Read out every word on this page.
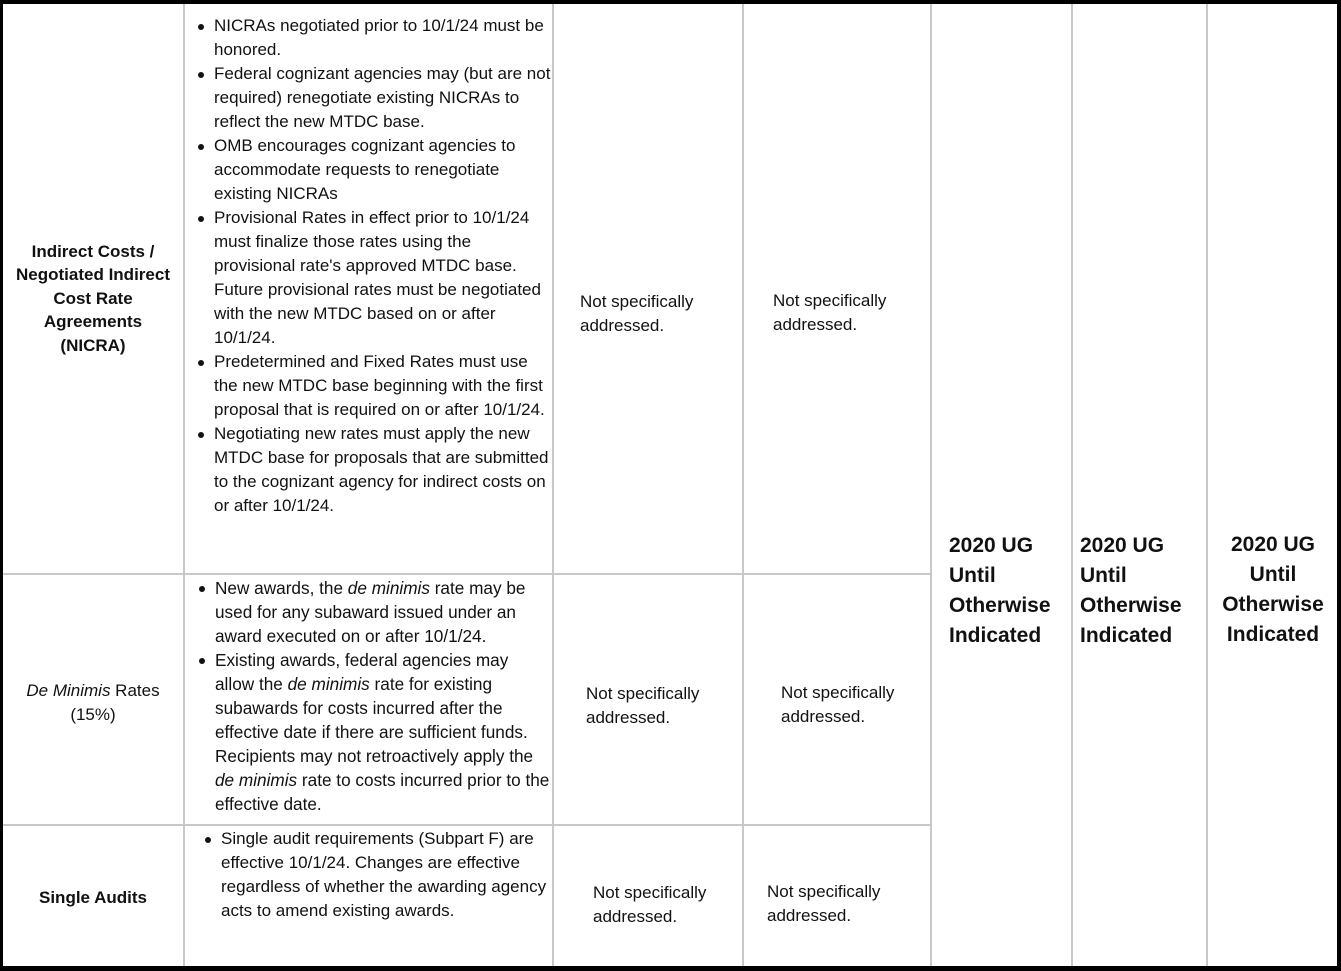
Indirect Costs / Negotiated Indirect Cost Rate Agreements (NICRA)
NICRAs negotiated prior to 10/1/24 must be honored.
Federal cognizant agencies may (but are not required) renegotiate existing NICRAs to reflect the new MTDC base.
OMB encourages cognizant agencies to accommodate requests to renegotiate existing NICRAs
Provisional Rates in effect prior to 10/1/24 must finalize those rates using the provisional rate's approved MTDC base. Future provisional rates must be negotiated with the new MTDC based on or after 10/1/24.
Predetermined and Fixed Rates must use the new MTDC base beginning with the first proposal that is required on or after 10/1/24.
Negotiating new rates must apply the new MTDC base for proposals that are submitted to the cognizant agency for indirect costs on or after 10/1/24.
Not specifically addressed.
Not specifically addressed.
De Minimis Rates
(15%)
New awards, the de minimis rate may be used for any subaward issued under an award executed on or after 10/1/24.
Existing awards, federal agencies may allow the de minimis rate for existing subawards for costs incurred after the effective date if there are sufficient funds. Recipients may not retroactively apply the de minimis rate to costs incurred prior to the effective date.
Not specifically addressed.
Not specifically addressed.
Single Audits
Single audit requirements (Subpart F) are effective 10/1/24. Changes are effective regardless of whether the awarding agency acts to amend existing awards.
Not specifically addressed.
Not specifically addressed.
2020 UG Until Otherwise Indicated
2020 UG Until Otherwise Indicated
2020 UG Until Otherwise Indicated
